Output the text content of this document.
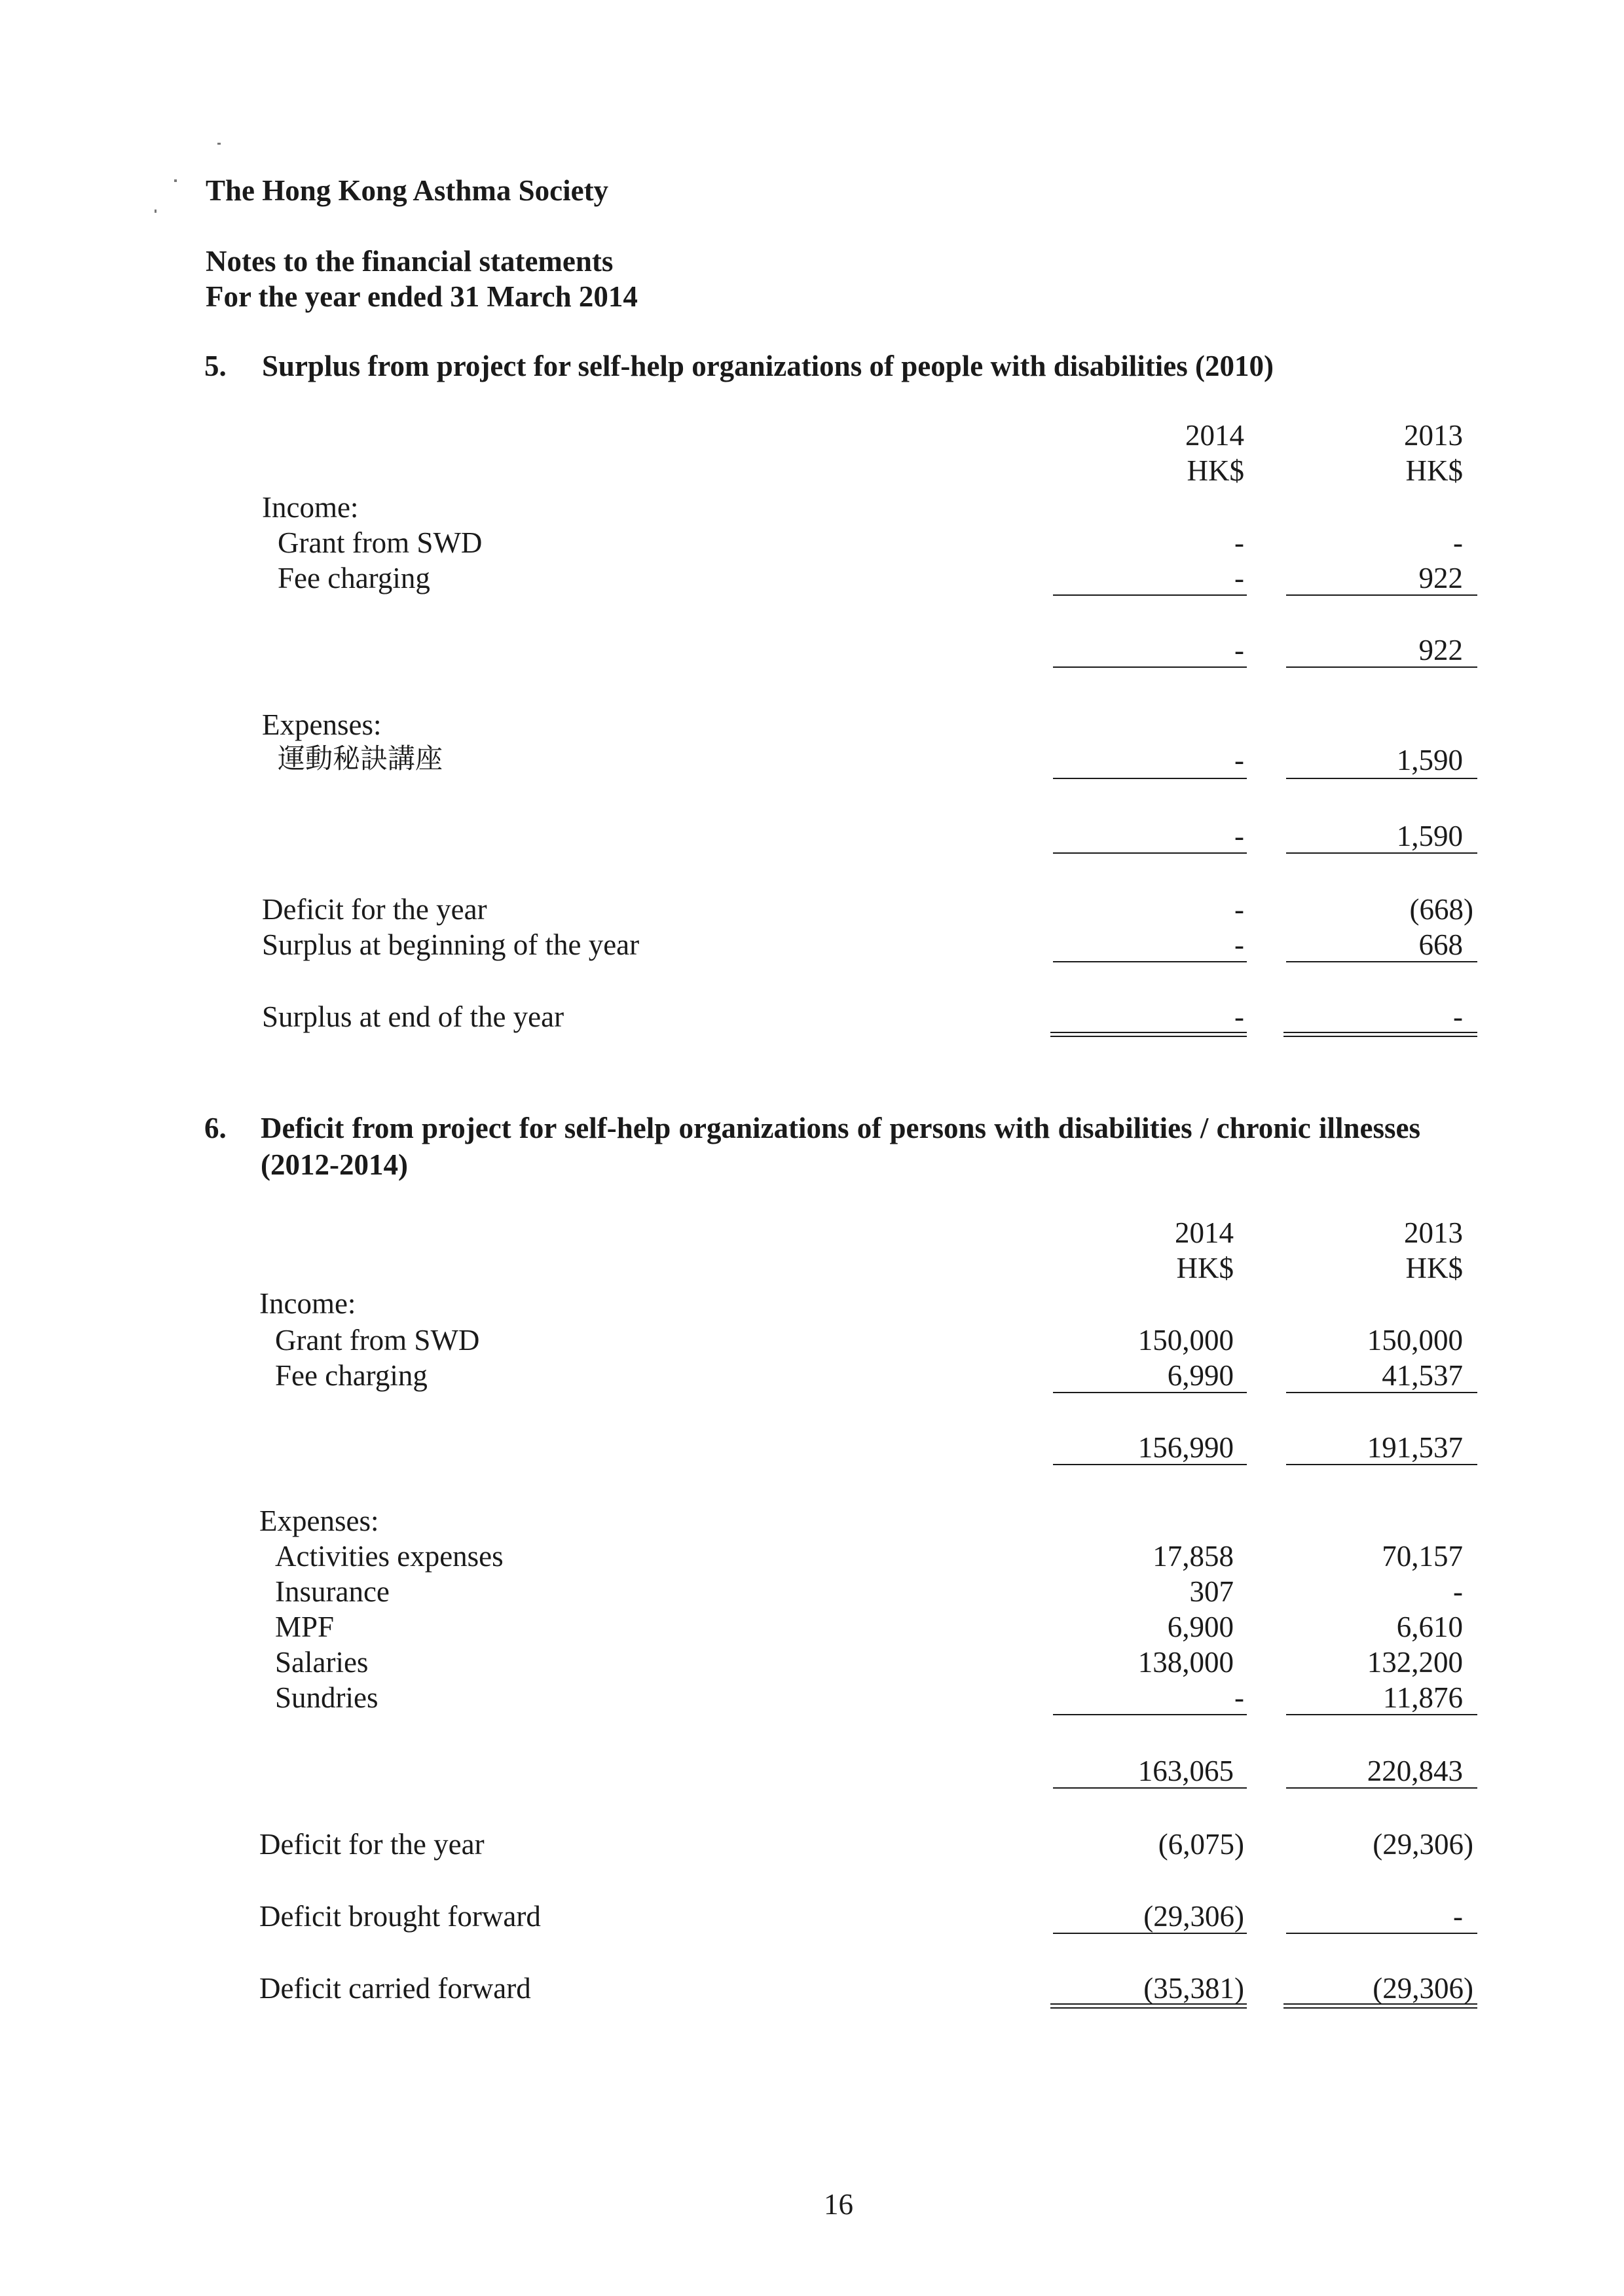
The Hong Kong Asthma Society
Notes to the financial statements
For the year ended 31 March 2014
5. Surplus from project for self-help organizations of people with disabilities (2010)
2014	2013
HK$	HK$
Income:
Grant from SWD	-	-
Fee charging	-	922
-	922
Expenses:
運動秘訣講座	-	1,590
-	1,590
Deficit for the year	-	(668)
Surplus at beginning of the year	-	668
Surplus at end of the year	-	-
6. Deficit from project for self-help organizations of persons with disabilities / chronic illnesses
(2012-2014)
2014	2013
HK$	HK$
Income:
Grant from SWD	150,000	150,000
Fee charging	6,990	41,537
156,990	191,537
Expenses:
Activities expenses	17,858	70,157
Insurance	307	-
MPF	6,900	6,610
Salaries	138,000	132,200
Sundries	-	11,876
163,065	220,843
Deficit for the year	(6,075)	(29,306)
Deficit brought forward	(29,306)	-
Deficit carried forward	(35,381)	(29,306)
16
